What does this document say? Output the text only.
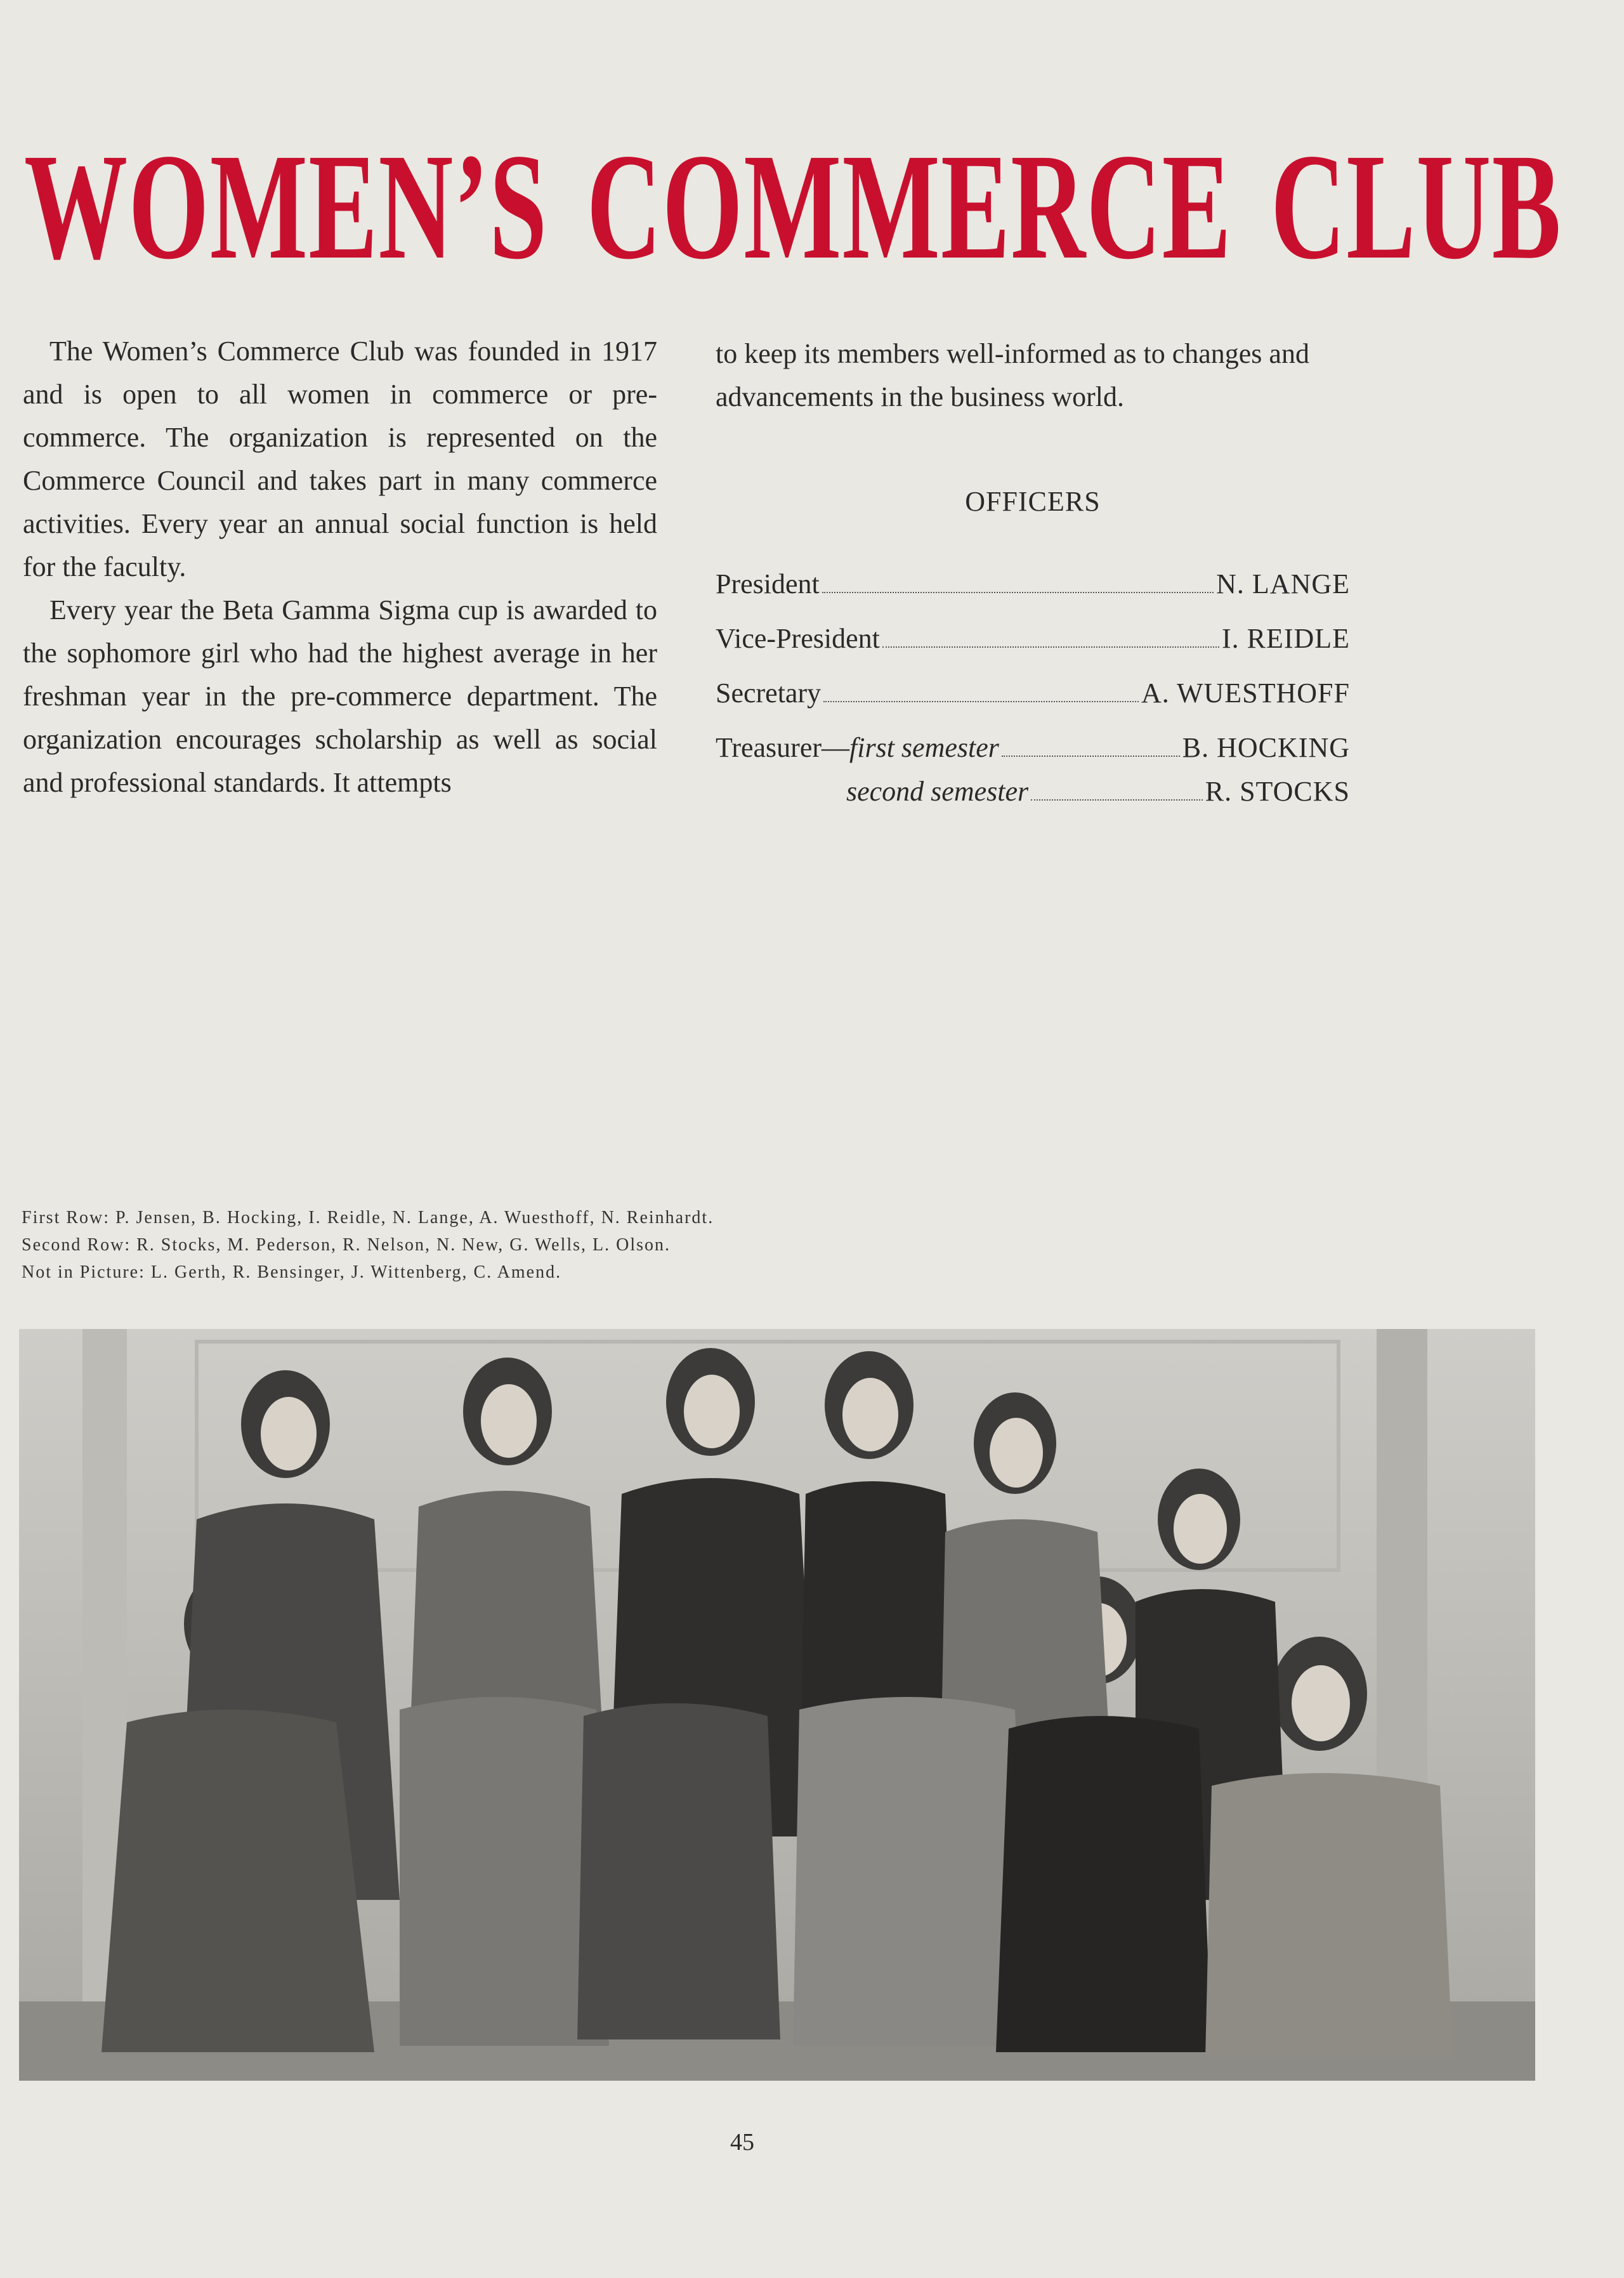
WOMEN’S COMMERCE CLUB

The Women’s Commerce Club was founded in 1917 and is open to all women in commerce or pre-commerce. The organization is represented on the Commerce Council and takes part in many commerce activities. Every year an annual social function is held for the faculty.

Every year the Beta Gamma Sigma cup is awarded to the sophomore girl who had the highest average in her freshman year in the pre-commerce department. The organization encourages scholarship as well as social and professional standards. It attempts

to keep its members well-informed as to changes and advancements in the business world.

OFFICERS
President	N. LANGE
Vice-President	I. REIDLE
Secretary	A. WUESTHOFF
Treasurer—first semester	B. HOCKING
second semester	R. STOCKS
First Row: P. Jensen, B. Hocking, I. Reidle, N. Lange, A. Wuesthoff, N. Reinhardt.
Second Row: R. Stocks, M. Pederson, R. Nelson, N. New, G. Wells, L. Olson.
Not in Picture: L. Gerth, R. Bensinger, J. Wittenberg, C. Amend.
45
